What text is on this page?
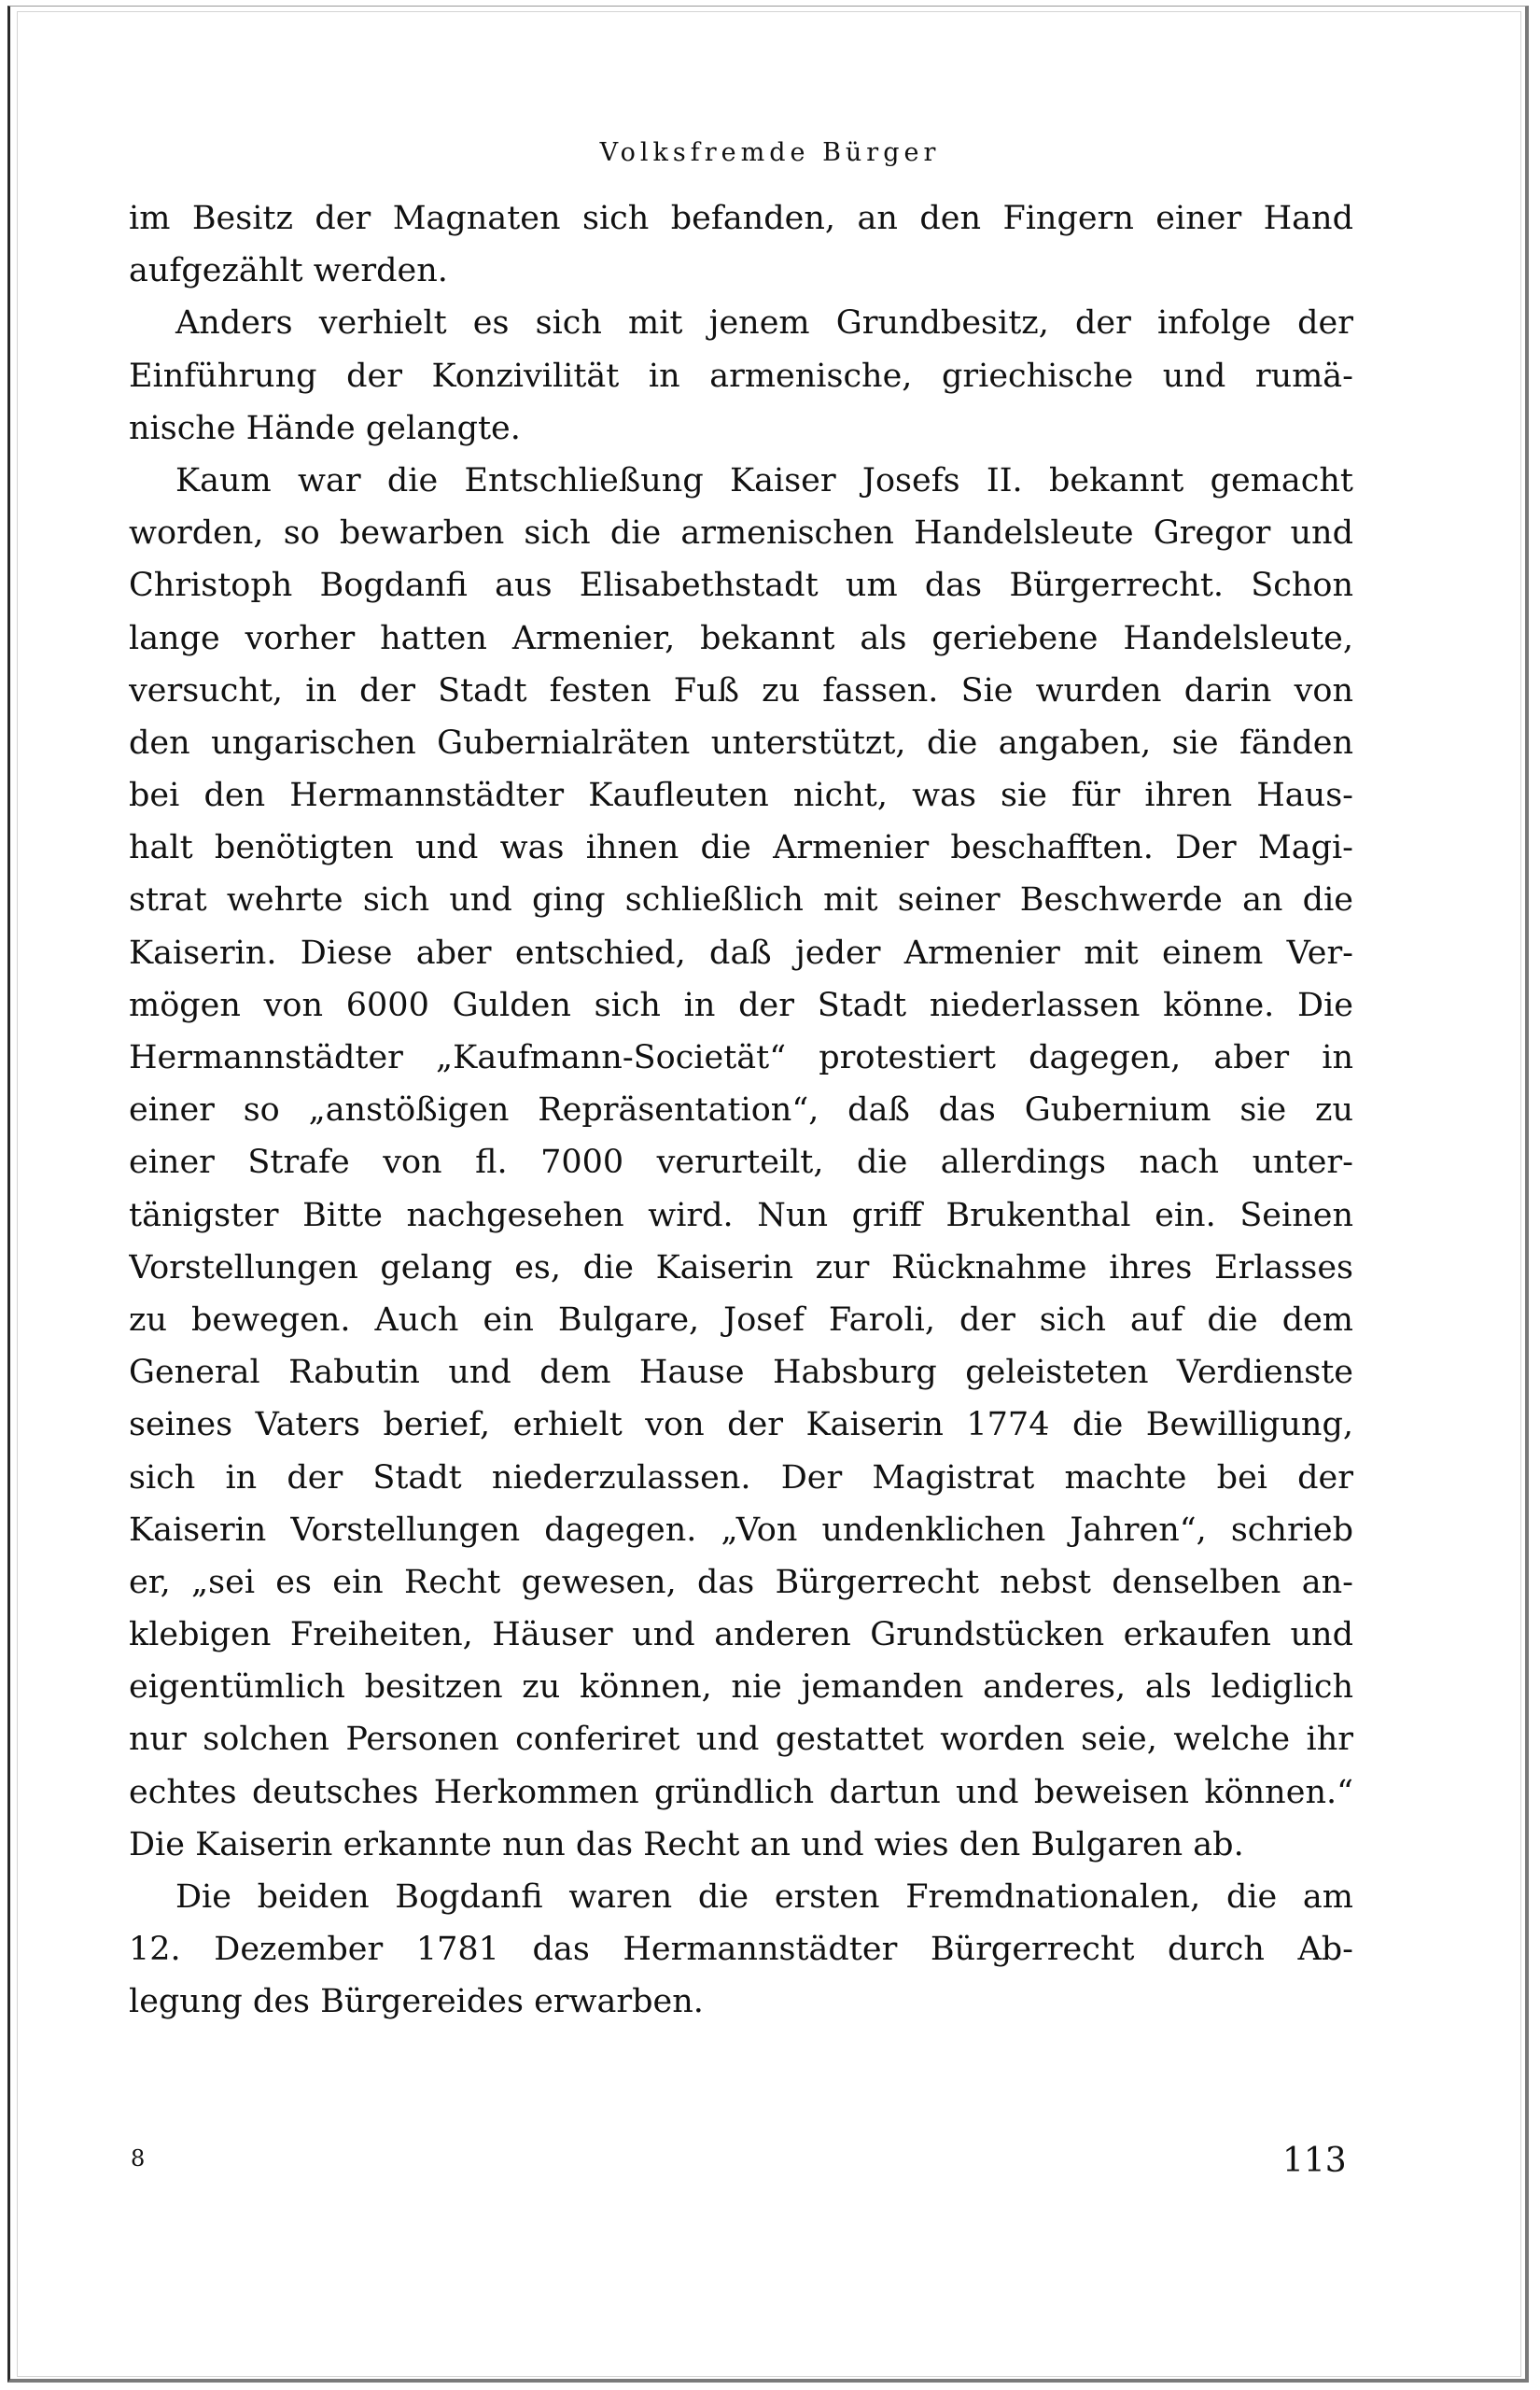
Volksfremde Bürger
im Besitz der Magnaten sich befanden, an den Fingern einer Hand
aufgezählt werden.
Anders verhielt es sich mit jenem Grundbesitz, der infolge der
Einführung der Konzivilität in armenische, griechische und rumä-
nische Hände gelangte.
Kaum war die Entschließung Kaiser Josefs II. bekannt gemacht
worden, so bewarben sich die armenischen Handelsleute Gregor und
Christoph Bogdanfi aus Elisabethstadt um das Bürgerrecht. Schon
lange vorher hatten Armenier, bekannt als geriebene Handelsleute,
versucht, in der Stadt festen Fuß zu fassen. Sie wurden darin von
den ungarischen Gubernialräten unterstützt, die angaben, sie fänden
bei den Hermannstädter Kaufleuten nicht, was sie für ihren Haus-
halt benötigten und was ihnen die Armenier beschafften. Der Magi-
strat wehrte sich und ging schließlich mit seiner Beschwerde an die
Kaiserin. Diese aber entschied, daß jeder Armenier mit einem Ver-
mögen von 6000 Gulden sich in der Stadt niederlassen könne. Die
Hermannstädter „Kaufmann-Societät“ protestiert dagegen, aber in
einer so „anstößigen Repräsentation“, daß das Gubernium sie zu
einer Strafe von fl. 7000 verurteilt, die allerdings nach unter-
tänigster Bitte nachgesehen wird. Nun griff Brukenthal ein. Seinen
Vorstellungen gelang es, die Kaiserin zur Rücknahme ihres Erlasses
zu bewegen. Auch ein Bulgare, Josef Faroli, der sich auf die dem
General Rabutin und dem Hause Habsburg geleisteten Verdienste
seines Vaters berief, erhielt von der Kaiserin 1774 die Bewilligung,
sich in der Stadt niederzulassen. Der Magistrat machte bei der
Kaiserin Vorstellungen dagegen. „Von undenklichen Jahren“, schrieb
er, „sei es ein Recht gewesen, das Bürgerrecht nebst denselben an-
klebigen Freiheiten, Häuser und anderen Grundstücken erkaufen und
eigentümlich besitzen zu können, nie jemanden anderes, als lediglich
nur solchen Personen conferiret und gestattet worden seie, welche ihr
echtes deutsches Herkommen gründlich dartun und beweisen können.“
Die Kaiserin erkannte nun das Recht an und wies den Bulgaren ab.
Die beiden Bogdanfi waren die ersten Fremdnationalen, die am
12. Dezember 1781 das Hermannstädter Bürgerrecht durch Ab-
legung des Bürgereides erwarben.
8	113
